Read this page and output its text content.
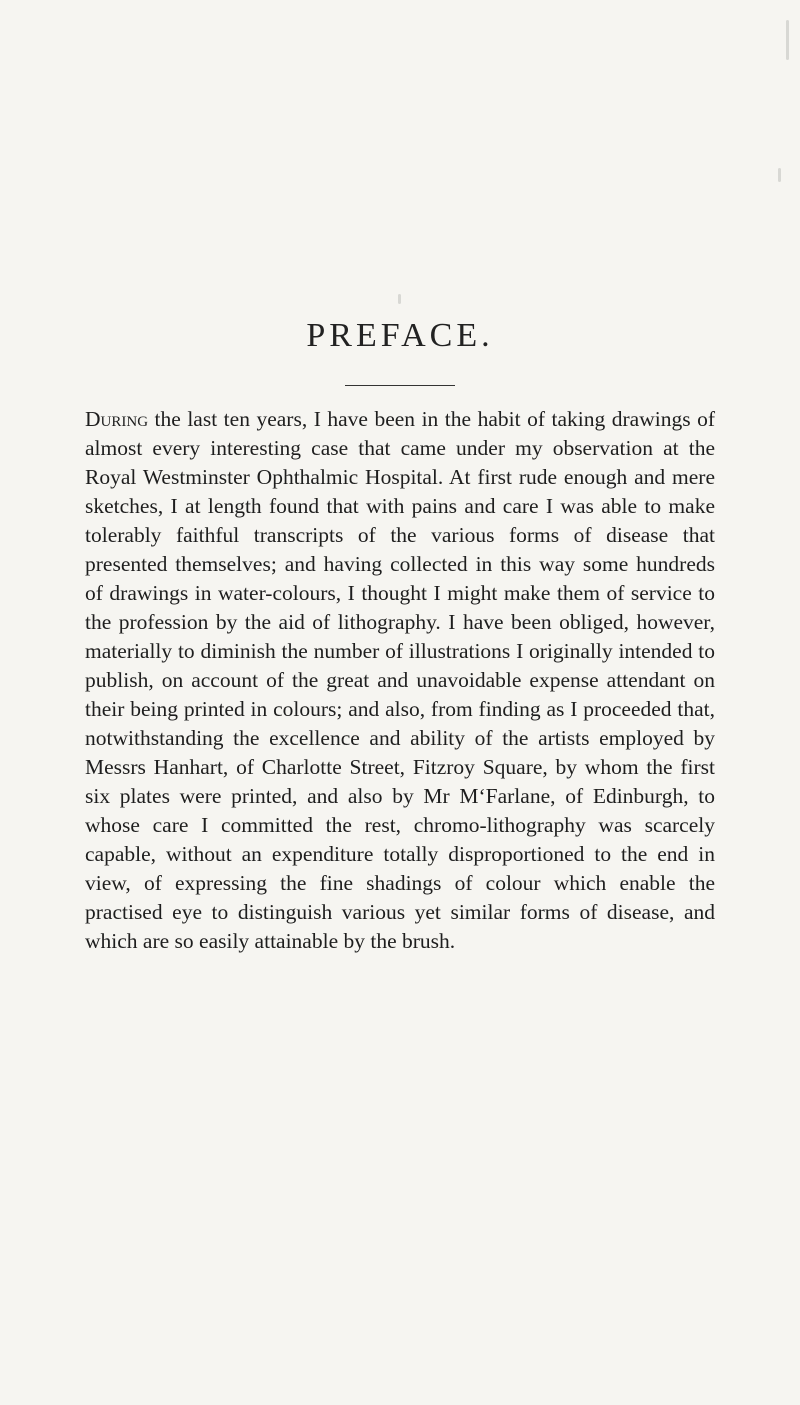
PREFACE.

During the last ten years, I have been in the habit of taking drawings of almost every interesting case that came under my observation at the Royal Westminster Ophthalmic Hospital. At first rude enough and mere sketches, I at length found that with pains and care I was able to make tolerably faithful transcripts of the various forms of disease that presented themselves; and having collected in this way some hundreds of drawings in water-colours, I thought I might make them of service to the profession by the aid of lithography. I have been obliged, however, materially to diminish the number of illustrations I originally intended to publish, on account of the great and unavoidable expense attendant on their being printed in colours; and also, from finding as I proceeded that, notwithstanding the excellence and ability of the artists employed by Messrs Hanhart, of Charlotte Street, Fitzroy Square, by whom the first six plates were printed, and also by Mr M‘Farlane, of Edinburgh, to whose care I committed the rest, chromo-lithography was scarcely capable, without an expenditure totally disproportioned to the end in view, of expressing the fine shadings of colour which enable the practised eye to distinguish various yet similar forms of disease, and which are so easily attainable by the brush.
